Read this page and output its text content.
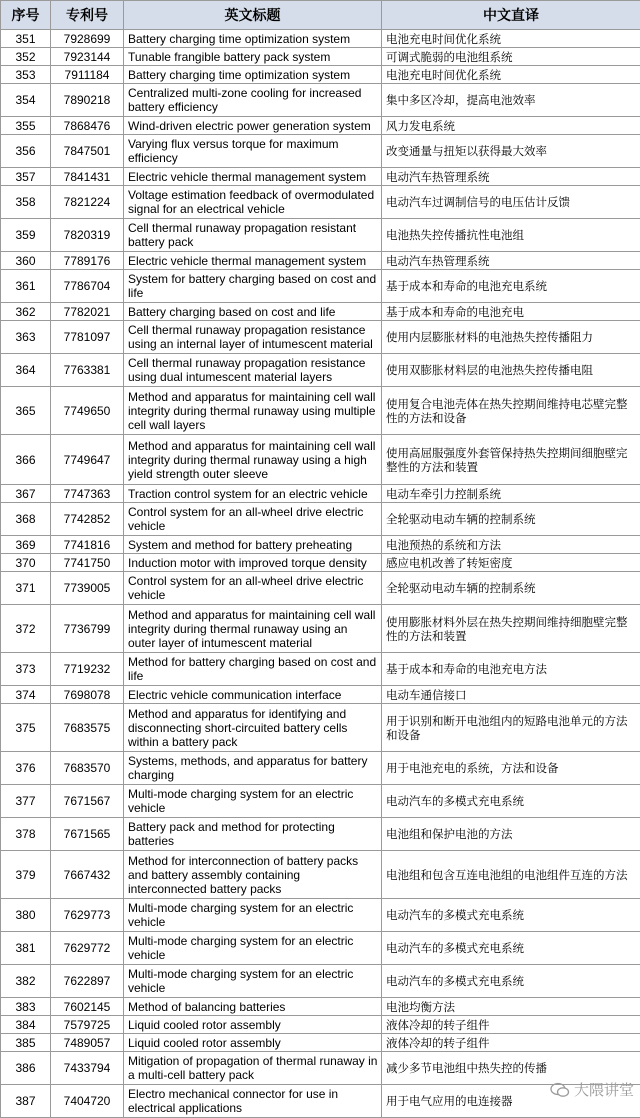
序号	专利号	英文标题	中文直译
351	7928699	Battery charging time optimization system	电池充电时间优化系统
352	7923144	Tunable frangible battery pack system	可调式脆弱的电池组系统
353	7911184	Battery charging time optimization system	电池充电时间优化系统
354	7890218	Centralized multi-zone cooling for increased battery efficiency	集中多区冷却，提高电池效率
355	7868476	Wind-driven electric power generation system	风力发电系统
356	7847501	Varying flux versus torque for maximum efficiency	改变通量与扭矩以获得最大效率
357	7841431	Electric vehicle thermal management system	电动汽车热管理系统
358	7821224	Voltage estimation feedback of overmodulated signal for an electrical vehicle	电动汽车过调制信号的电压估计反馈
359	7820319	Cell thermal runaway propagation resistant battery pack	电池热失控传播抗性电池组
360	7789176	Electric vehicle thermal management system	电动汽车热管理系统
361	7786704	System for battery charging based on cost and life	基于成本和寿命的电池充电系统
362	7782021	Battery charging based on cost and life	基于成本和寿命的电池充电
363	7781097	Cell thermal runaway propagation resistance using an internal layer of intumescent material	使用内层膨胀材料的电池热失控传播阻力
364	7763381	Cell thermal runaway propagation resistance using dual intumescent material layers	使用双膨胀材料层的电池热失控传播电阻
365	7749650	Method and apparatus for maintaining cell wall integrity during thermal runaway using multiple cell wall layers	使用复合电池壳体在热失控期间维持电芯壁完整性的方法和设备
366	7749647	Method and apparatus for maintaining cell wall integrity during thermal runaway using a high yield strength outer sleeve	使用高屈服强度外套管保持热失控期间细胞壁完整性的方法和装置
367	7747363	Traction control system for an electric vehicle	电动车牵引力控制系统
368	7742852	Control system for an all-wheel drive electric vehicle	全轮驱动电动车辆的控制系统
369	7741816	System and method for battery preheating	电池预热的系统和方法
370	7741750	Induction motor with improved torque density	感应电机改善了转矩密度
371	7739005	Control system for an all-wheel drive electric vehicle	全轮驱动电动车辆的控制系统
372	7736799	Method and apparatus for maintaining cell wall integrity during thermal runaway using an outer layer of intumescent material	使用膨胀材料外层在热失控期间维持细胞壁完整性的方法和装置
373	7719232	Method for battery charging based on cost and life	基于成本和寿命的电池充电方法
374	7698078	Electric vehicle communication interface	电动车通信接口
375	7683575	Method and apparatus for identifying and disconnecting short-circuited battery cells within a battery pack	用于识别和断开电池组内的短路电池单元的方法和设备
376	7683570	Systems, methods, and apparatus for battery charging	用于电池充电的系统，方法和设备
377	7671567	Multi-mode charging system for an electric vehicle	电动汽车的多模式充电系统
378	7671565	Battery pack and method for protecting batteries	电池组和保护电池的方法
379	7667432	Method for interconnection of battery packs and battery assembly containing interconnected battery packs	电池组和包含互连电池组的电池组件互连的方法
380	7629773	Multi-mode charging system for an electric vehicle	电动汽车的多模式充电系统
381	7629772	Multi-mode charging system for an electric vehicle	电动汽车的多模式充电系统
382	7622897	Multi-mode charging system for an electric vehicle	电动汽车的多模式充电系统
383	7602145	Method of balancing batteries	电池均衡方法
384	7579725	Liquid cooled rotor assembly	液体冷却的转子组件
385	7489057	Liquid cooled rotor assembly	液体冷却的转子组件
386	7433794	Mitigation of propagation of thermal runaway in a multi-cell battery pack	减少多节电池组中热失控的传播
387	7404720	Electro mechanical connector for use in electrical applications	用于电气应用的电连接器
大隈讲堂
